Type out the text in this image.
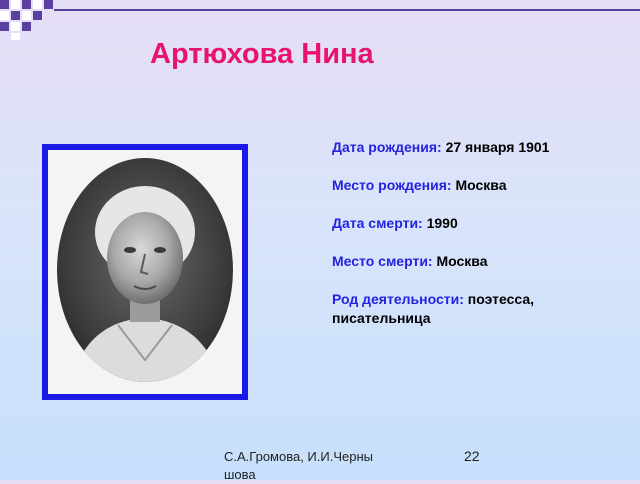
Артюхова Нина
Дата рождения: 27 января 1901
Место рождения: Москва
Дата смерти: 1990
Место смерти: Москва
Род деятельности: поэтесса, писательница
С.А.Громова, И.И.Черны шова
22
